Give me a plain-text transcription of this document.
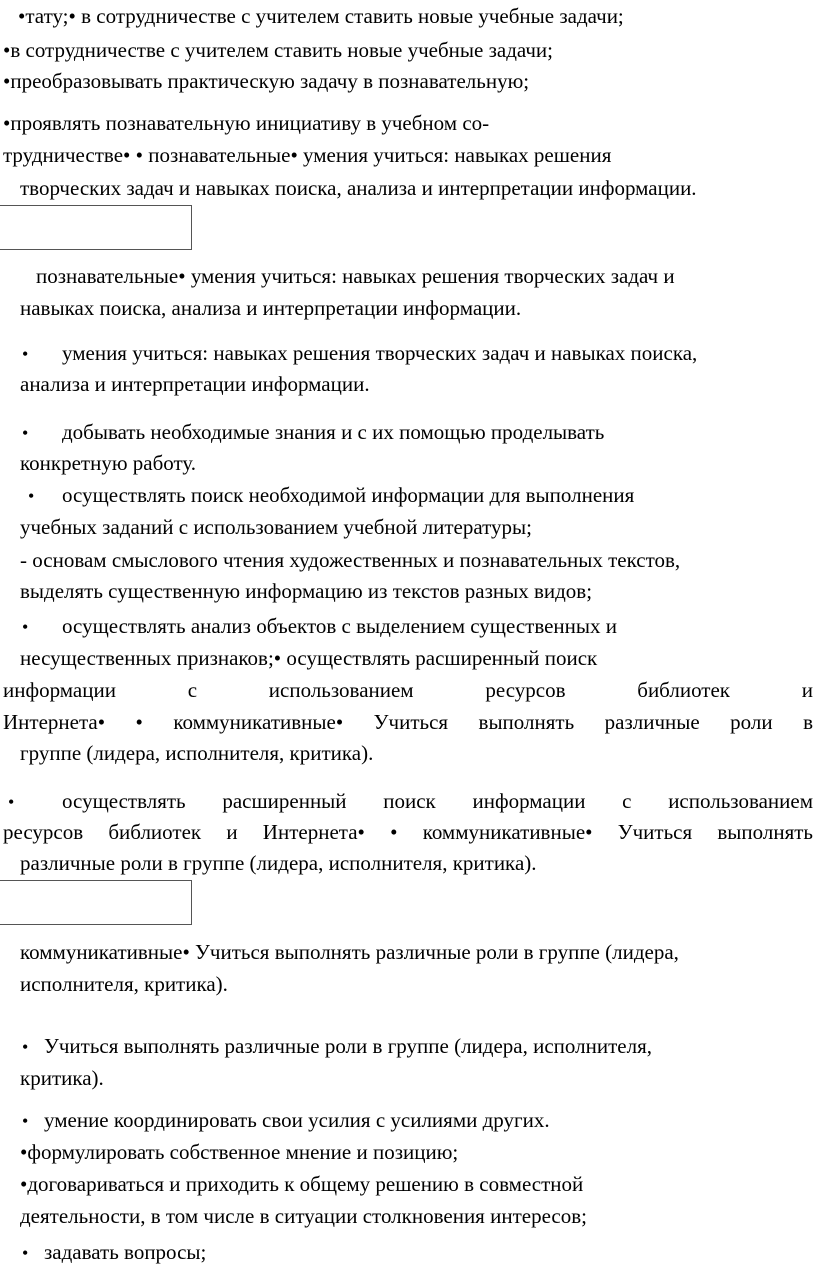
•тату;• в сотрудничестве с учителем ставить новые учебные задачи;
•в сотрудничестве с учителем ставить новые учебные задачи;
•преобразовывать практическую задачу в познавательную;
•проявлять познавательную инициативу в учебном со-
трудничестве• • познавательные• умения учиться: навыках решения
творческих задач и навыках поиска, анализа и интерпретации информации.
познавательные• умения учиться: навыках решения творческих задач и
навыках поиска, анализа и интерпретации информации.
• умения учиться: навыках решения творческих задач и навыках поиска,
анализа и интерпретации информации.
• добывать необходимые знания и с их помощью проделывать
конкретную работу.
• осуществлять поиск необходимой информации для выполнения
учебных заданий с использованием учебной литературы;
- основам смыслового чтения художественных и познавательных текстов,
выделять существенную информацию из текстов разных видов;
• осуществлять анализ объектов с выделением существенных и
несущественных признаков;• осуществлять расширенный поиск
информации с использованием ресурсов библиотек и
Интернета• • коммуникативные• Учиться выполнять различные роли в
группе (лидера, исполнителя, критика).
• осуществлять расширенный поиск информации с использованием
ресурсов библиотек и Интернета• • коммуникативные• Учиться выполнять
различные роли в группе (лидера, исполнителя, критика).
коммуникативные• Учиться выполнять различные роли в группе (лидера,
исполнителя, критика).
• Учиться выполнять различные роли в группе (лидера, исполнителя,
критика).
• умение координировать свои усилия с усилиями других.
•формулировать собственное мнение и позицию;
•договариваться и приходить к общему решению в совместной
деятельности, в том числе в ситуации столкновения интересов;
• задавать вопросы;
